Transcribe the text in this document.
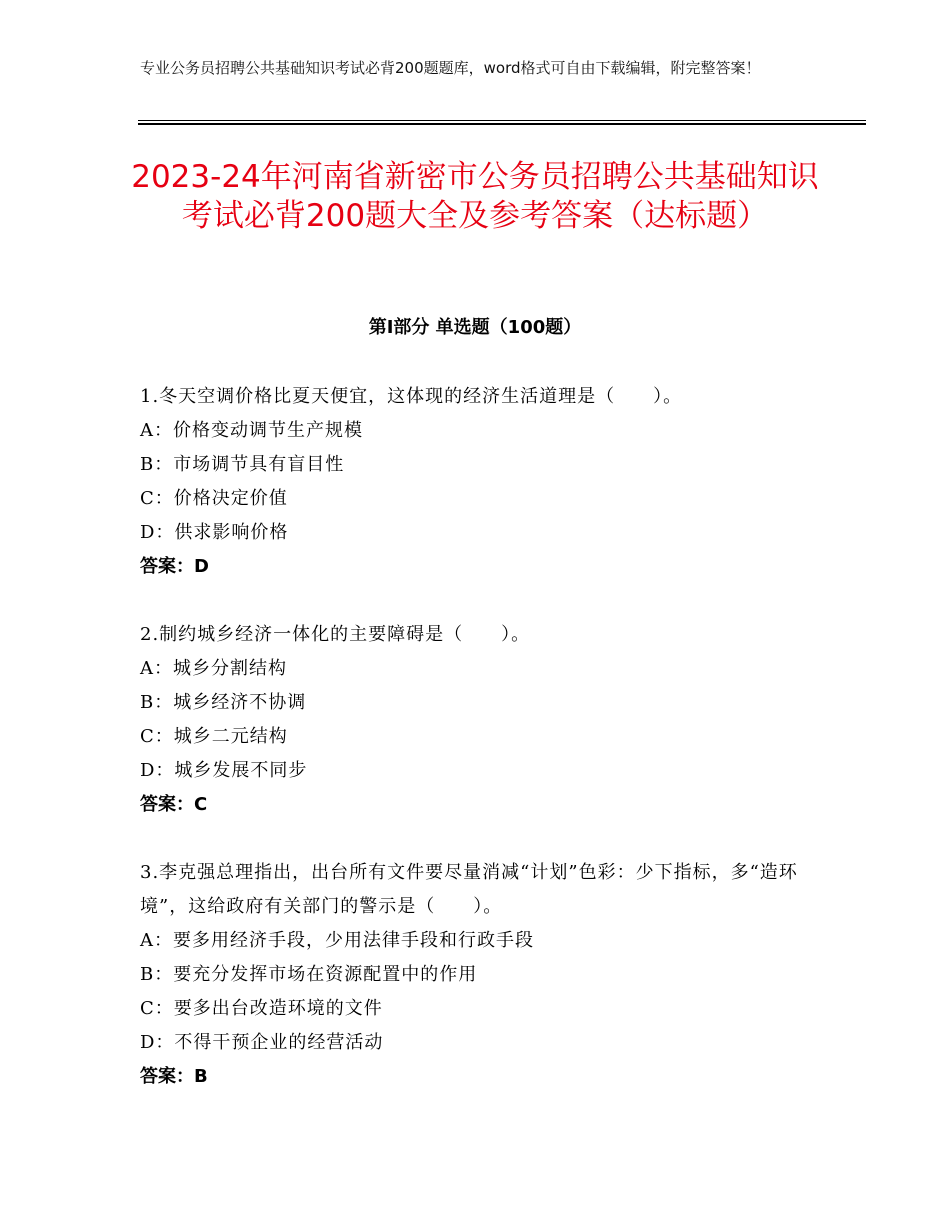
专业公务员招聘公共基础知识考试必背200题题库，word格式可自由下载编辑，附完整答案！
2023-24年河南省新密市公务员招聘公共基础知识考试必背200题大全及参考答案（达标题）
第Ⅰ部分 单选题（100题）
1.冬天空调价格比夏天便宜，这体现的经济生活道理是（　　）。
A：价格变动调节生产规模
B：市场调节具有盲目性
C：价格决定价值
D：供求影响价格
答案：D
2.制约城乡经济一体化的主要障碍是（　　）。
A：城乡分割结构
B：城乡经济不协调
C：城乡二元结构
D：城乡发展不同步
答案：C
3.李克强总理指出，出台所有文件要尽量消减“计划”色彩：少下指标，多“造环境”，这给政府有关部门的警示是（　　）。
A：要多用经济手段，少用法律手段和行政手段
B：要充分发挥市场在资源配置中的作用
C：要多出台改造环境的文件
D：不得干预企业的经营活动
答案：B
